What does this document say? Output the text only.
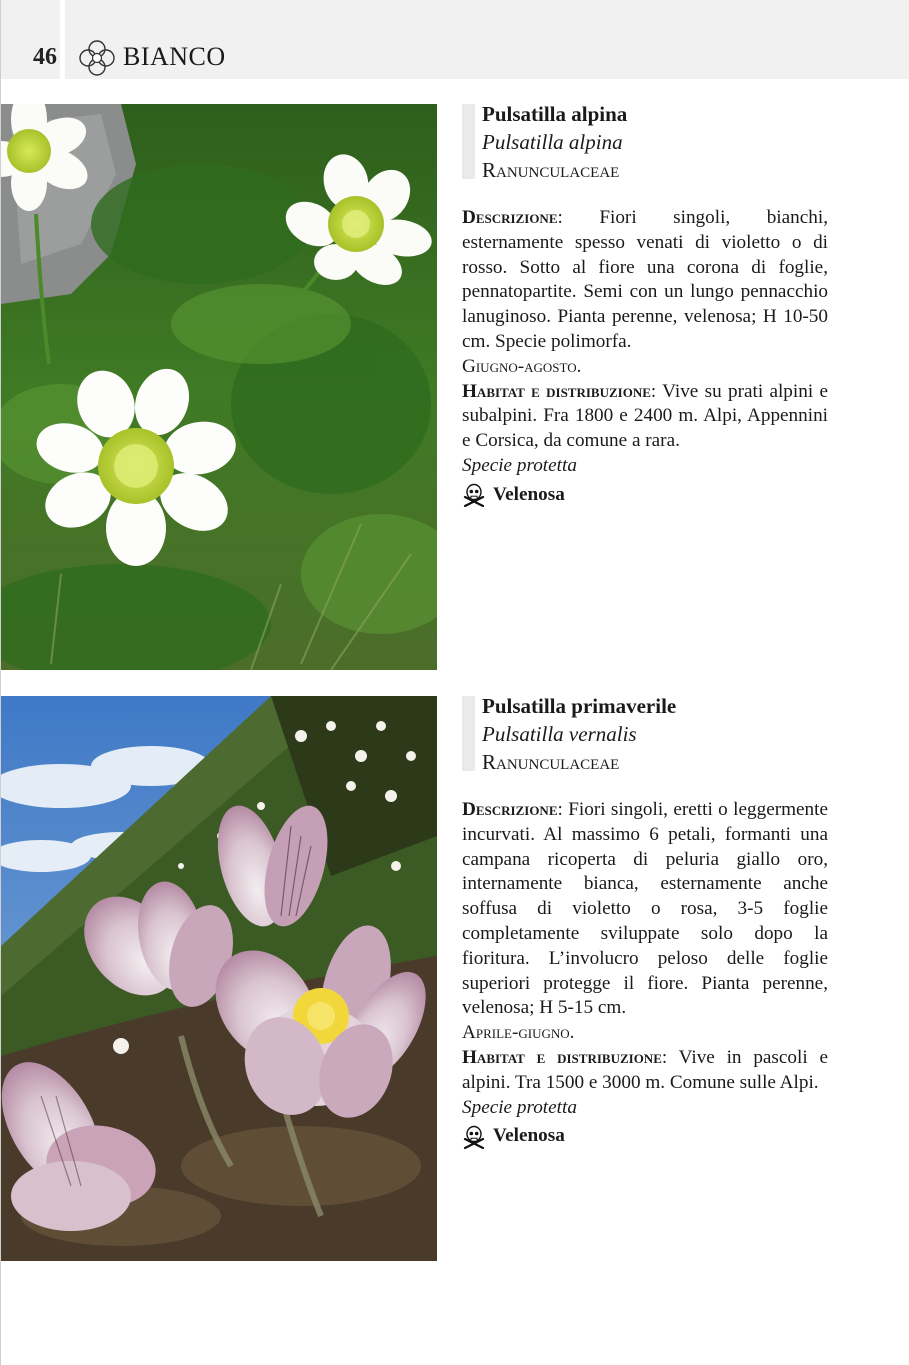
46	BIANCO
Pulsatilla alpina
Pulsatilla alpina
Ranunculaceae

Descrizione: Fiori singoli, bianchi, esternamente spesso venati di violetto o di rosso. Sotto al fiore una corona di foglie, pennatopartite. Semi con un lungo pennacchio lanuginoso. Pianta perenne, velenosa; H 10-50 cm. Specie polimorfa.

Giugno-agosto.

Habitat e distribuzione: Vive su prati alpini e subalpini. Fra 1800 e 2400 m. Alpi, Appennini e Corsica, da comune a rara.

Specie protetta

Velenosa
Pulsatilla primaverile
Pulsatilla vernalis
Ranunculaceae

Descrizione: Fiori singoli, eretti o leggermente incurvati. Al massimo 6 petali, formanti una campana ricoperta di peluria giallo oro, internamente bianca, esternamente anche soffusa di violetto o rosa, 3-5 foglie completamente sviluppate solo dopo la fioritura. L’involucro peloso delle foglie superiori protegge il fiore. Pianta perenne, velenosa; H 5-15 cm.

Aprile-giugno.

Habitat e distribuzione: Vive in pascoli e alpini. Tra 1500 e 3000 m. Comune sulle Alpi.

Specie protetta

Velenosa
